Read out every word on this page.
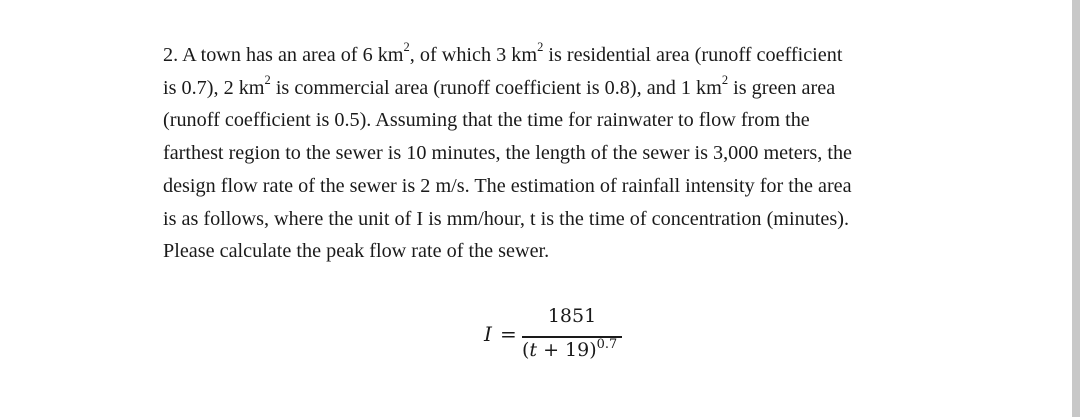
2. A town has an area of 6 $km^2$, of which 3 $km^2$ is residential area (runoff coefficient
is 0.7), 2 $km^2$ is commercial area (runoff coefficient is 0.8), and 1 $km^2$ is green area
(runoff coefficient is 0.5). Assuming that the time for rainwater to flow from the
farthest region to the sewer is 10 minutes, the length of the sewer is 3,000 meters, the
design flow rate of the sewer is 2 m/s. The estimation of rainfall intensity for the area
is as follows, where the unit of I is mm/hour, t is the time of concentration (minutes).
Please calculate the peak flow rate of the sewer.

I =
1851
$(t + 19)^{0.7}$
